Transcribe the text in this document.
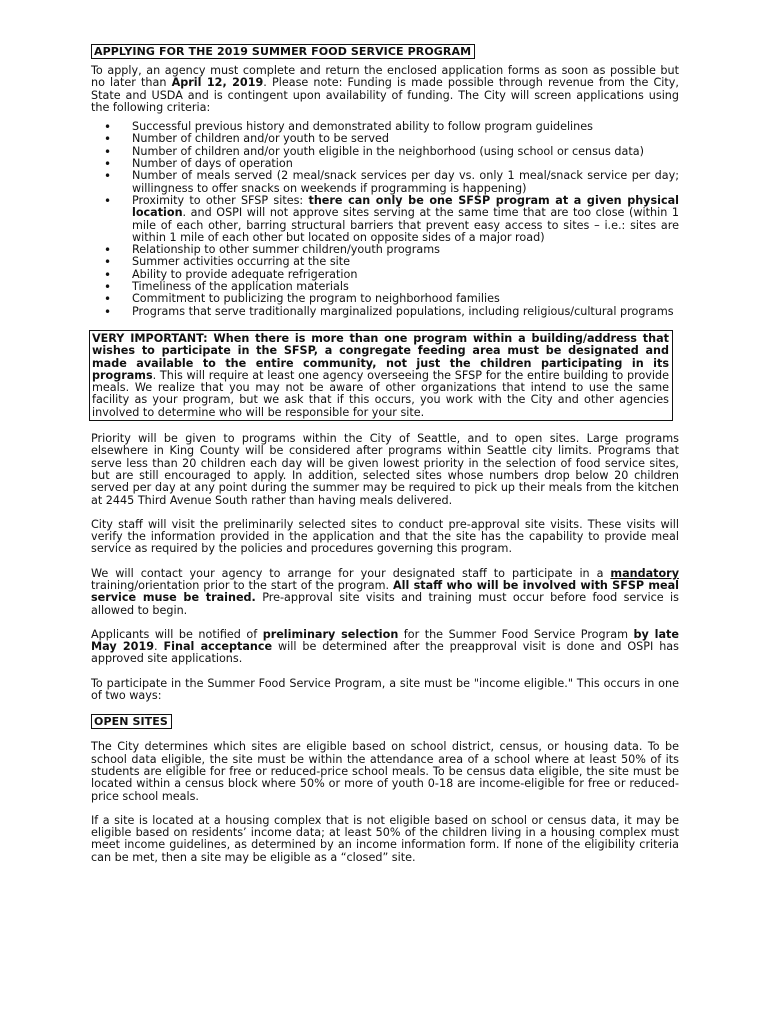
APPLYING FOR THE 2019 SUMMER FOOD SERVICE PROGRAM

To apply, an agency must complete and return the enclosed application forms as soon as possible but no later than April 12, 2019. Please note: Funding is made possible through revenue from the City, State and USDA and is contingent upon availability of funding. The City will screen applications using the following criteria:

• Successful previous history and demonstrated ability to follow program guidelines
• Number of children and/or youth to be served
• Number of children and/or youth eligible in the neighborhood (using school or census data)
• Number of days of operation
• Number of meals served (2 meal/snack services per day vs. only 1 meal/snack service per day; willingness to offer snacks on weekends if programming is happening)
• Proximity to other SFSP sites: there can only be one SFSP program at a given physical location. and OSPI will not approve sites serving at the same time that are too close (within 1 mile of each other, barring structural barriers that prevent easy access to sites – i.e.: sites are within 1 mile of each other but located on opposite sides of a major road)
• Relationship to other summer children/youth programs
• Summer activities occurring at the site
• Ability to provide adequate refrigeration
• Timeliness of the application materials
• Commitment to publicizing the program to neighborhood families
• Programs that serve traditionally marginalized populations, including religious/cultural programs

VERY IMPORTANT: When there is more than one program within a building/address that wishes to participate in the SFSP, a congregate feeding area must be designated and made available to the entire community, not just the children participating in its programs. This will require at least one agency overseeing the SFSP for the entire building to provide meals. We realize that you may not be aware of other organizations that intend to use the same facility as your program, but we ask that if this occurs, you work with the City and other agencies involved to determine who will be responsible for your site.

Priority will be given to programs within the City of Seattle, and to open sites. Large programs elsewhere in King County will be considered after programs within Seattle city limits. Programs that serve less than 20 children each day will be given lowest priority in the selection of food service sites, but are still encouraged to apply. In addition, selected sites whose numbers drop below 20 children served per day at any point during the summer may be required to pick up their meals from the kitchen at 2445 Third Avenue South rather than having meals delivered.

City staff will visit the preliminarily selected sites to conduct pre-approval site visits. These visits will verify the information provided in the application and that the site has the capability to provide meal service as required by the policies and procedures governing this program.

We will contact your agency to arrange for your designated staff to participate in a mandatory training/orientation prior to the start of the program. All staff who will be involved with SFSP meal service muse be trained. Pre-approval site visits and training must occur before food service is allowed to begin.

Applicants will be notified of preliminary selection for the Summer Food Service Program by late May 2019. Final acceptance will be determined after the preapproval visit is done and OSPI has approved site applications.

To participate in the Summer Food Service Program, a site must be "income eligible." This occurs in one of two ways:

OPEN SITES

The City determines which sites are eligible based on school district, census, or housing data. To be school data eligible, the site must be within the attendance area of a school where at least 50% of its students are eligible for free or reduced-price school meals. To be census data eligible, the site must be located within a census block where 50% or more of youth 0-18 are income-eligible for free or reduced-price school meals.

If a site is located at a housing complex that is not eligible based on school or census data, it may be eligible based on residents’ income data; at least 50% of the children living in a housing complex must meet income guidelines, as determined by an income information form. If none of the eligibility criteria can be met, then a site may be eligible as a “closed” site.
